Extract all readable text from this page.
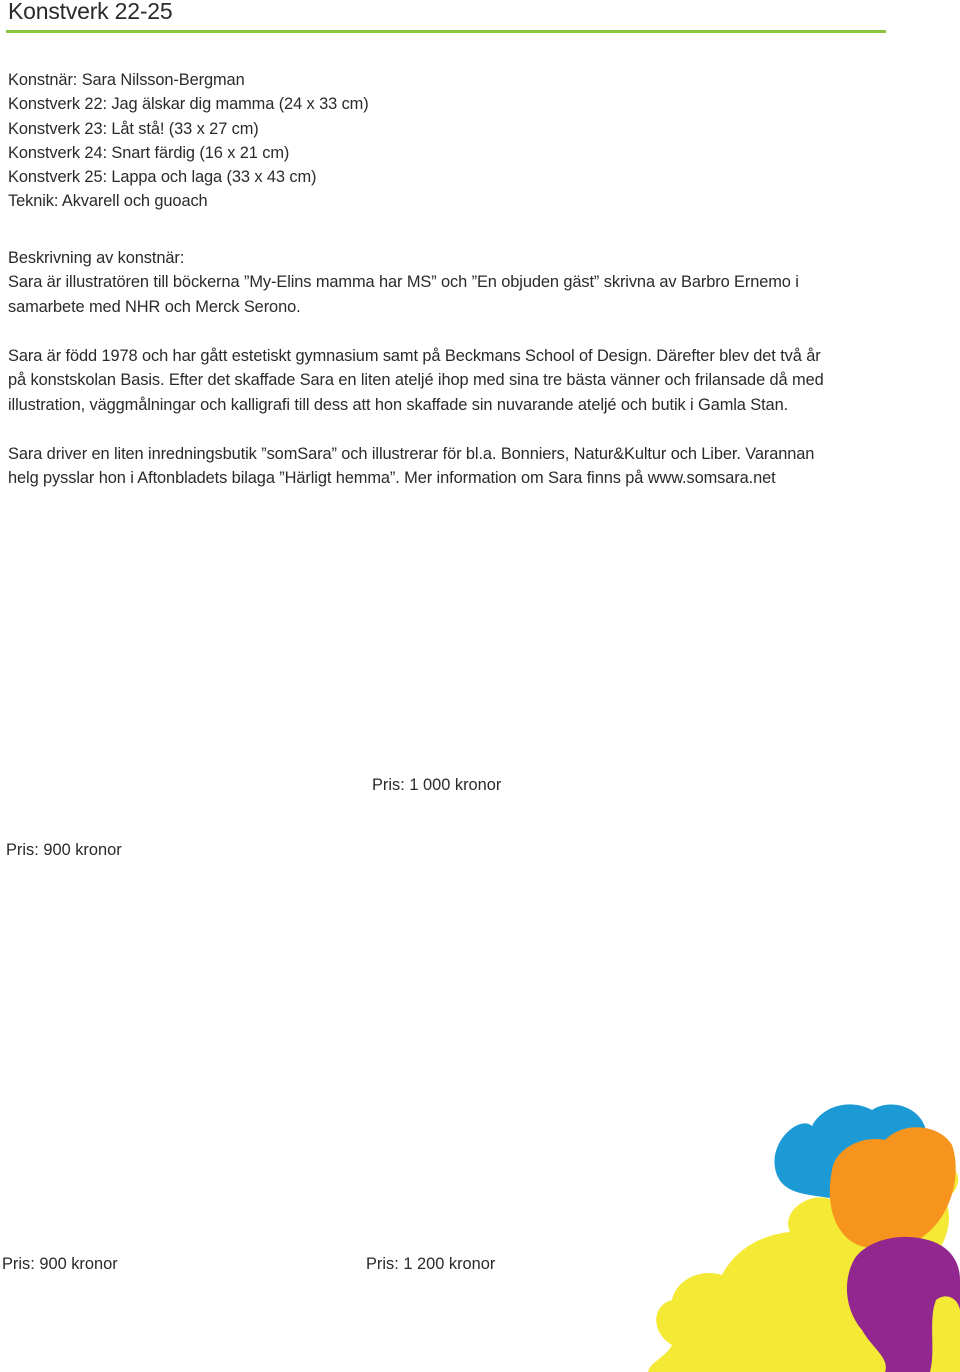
Konstverk 22-25
Konstnär: Sara Nilsson-Bergman
Konstverk 22: Jag älskar dig mamma (24 x 33 cm)
Konstverk 23: Låt stå! (33 x 27 cm)
Konstverk 24: Snart färdig (16 x 21 cm)
Konstverk 25: Lappa och laga (33 x 43 cm)
Teknik: Akvarell och guoach
Beskrivning av konstnär:
Sara är illustratören till böckerna ”My-Elins mamma har MS” och ”En objuden gäst” skrivna av Barbro Ernemo i
samarbete med NHR och Merck Serono.
Sara är född 1978 och har gått estetiskt gymnasium samt på Beckmans School of Design. Därefter blev det två år
på konstskolan Basis. Efter det skaffade Sara en liten ateljé ihop med sina tre bästa vänner och frilansade då med
illustration, väggmålningar och kalligrafi till dess att hon skaffade sin nuvarande ateljé och butik i Gamla Stan.
Sara driver en liten inredningsbutik ”somSara” och illustrerar för bl.a. Bonniers, Natur&Kultur och Liber. Varannan
helg pysslar hon i Aftonbladets bilaga ”Härligt hemma”. Mer information om Sara finns på www.somsara.net
Pris: 1 000 kronor
Pris: 900 kronor
Pris: 900 kronor	Pris: 1 200 kronor
